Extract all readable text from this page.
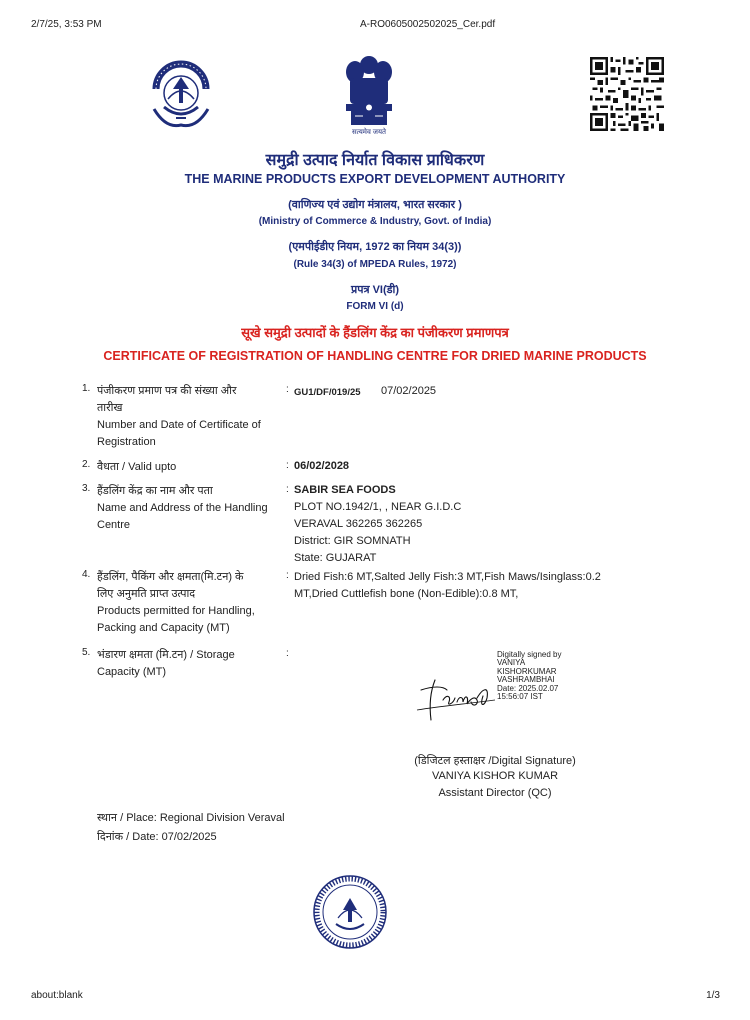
2/7/25, 3:53 PM	A-RO0605002502025_Cer.pdf
about:blank	1/3
सत्यमेव जयते
समुद्री उत्पाद निर्यात विकास प्राधिकरण
THE MARINE PRODUCTS EXPORT DEVELOPMENT AUTHORITY
(वाणिज्य एवं उद्योग मंत्रालय, भारत सरकार )
(Ministry of Commerce & Industry, Govt. of India)
(एमपीईडीए नियम, 1972 का नियम 34(3))
(Rule 34(3) of MPEDA Rules, 1972)
प्रपत्र VI(डी)
FORM VI (d)
सूखे समुद्री उत्पादों के हैंडलिंग केंद्र का पंजीकरण प्रमाणपत्र
CERTIFICATE OF REGISTRATION OF HANDLING CENTRE FOR DRIED MARINE PRODUCTS
1. पंजीकरण प्रमाण पत्र की संख्या और
तारीख
Number and Date of Certificate of
Registration
: GU1/DF/019/25 07/02/2025
2. वैधता / Valid upto	: 06/02/2028
3. हैंडलिंग केंद्र का नाम और पता
Name and Address of the Handling
Centre
: SABIR SEA FOODS
PLOT NO.1942/1, , NEAR G.I.D.C
VERAVAL 362265 362265
District: GIR SOMNATH
State: GUJARAT
4. हैंडलिंग, पैकिंग और क्षमता(मि.टन) के
लिए अनुमति प्राप्त उत्पाद
Products permitted for Handling,
Packing and Capacity (MT)
: Dried Fish:6 MT,Salted Jelly Fish:3 MT,Fish Maws/Isinglass:0.2
MT,Dried Cuttlefish bone (Non-Edible):0.8 MT,
5. भंडारण क्षमता (मि.टन) / Storage
Capacity (MT)
:	Digitally signed by
VANIYA
KISHORKUMAR
VASHRAMBHAI
Date: 2025.02.07
15:56:07 IST
(डिजिटल हस्ताक्षर /Digital Signature)
VANIYA KISHOR KUMAR
Assistant Director (QC)
स्थान / Place: Regional Division Veraval
दिनांक / Date: 07/02/2025
